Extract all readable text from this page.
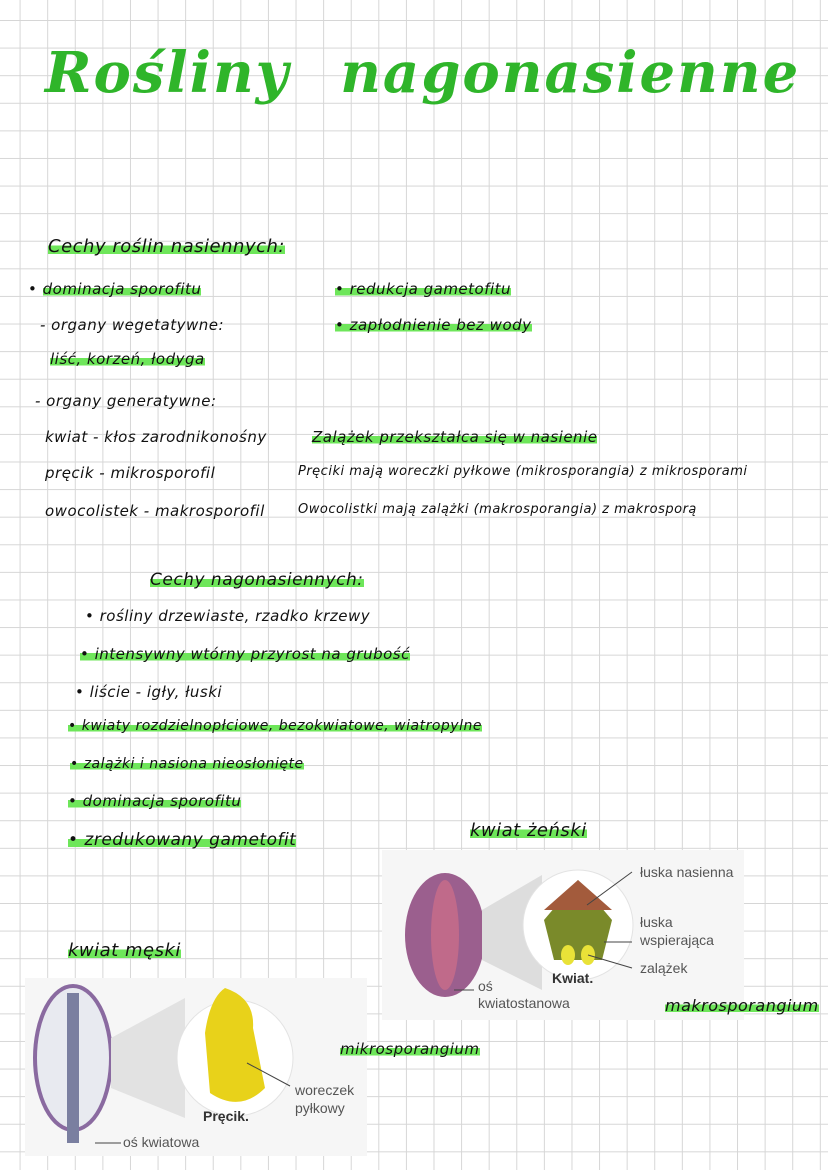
Rośliny nagonasienne
Cechy roślin nasiennych:
• dominacja sporofitu
- organy wegetatywne:
liść, korzeń, łodyga
- organy generatywne:
kwiat - kłos zarodnikonośny
pręcik - mikrosporofil
owocolistek - makrosporofil
• redukcja gametofitu
• zapłodnienie bez wody
Zalążek przekształca się w nasienie
Pręciki mają woreczki pyłkowe (mikrosporangia) z mikrosporami
Owocolistki mają zalążki (makrosporangia) z makrosporą
Cechy nagonasiennych:
• rośliny drzewiaste, rzadko krzewy
• intensywny wtórny przyrost na grubość
• liście - igły, łuski
• kwiaty rozdzielnopłciowe, bezokwiatowe, wiatropylne
• zalążki i nasiona nieosłonięte
• dominacja sporofitu
• zredukowany gametofit	kwiat żeński
łuska nasienna
łuska
wspierająca
zalążek
Kwiat.
oś
kwiatostanowa	makrosporangium
kwiat męski
woreczek
pyłkowy
Pręcik.
oś kwiatowa
mikrosporangium
